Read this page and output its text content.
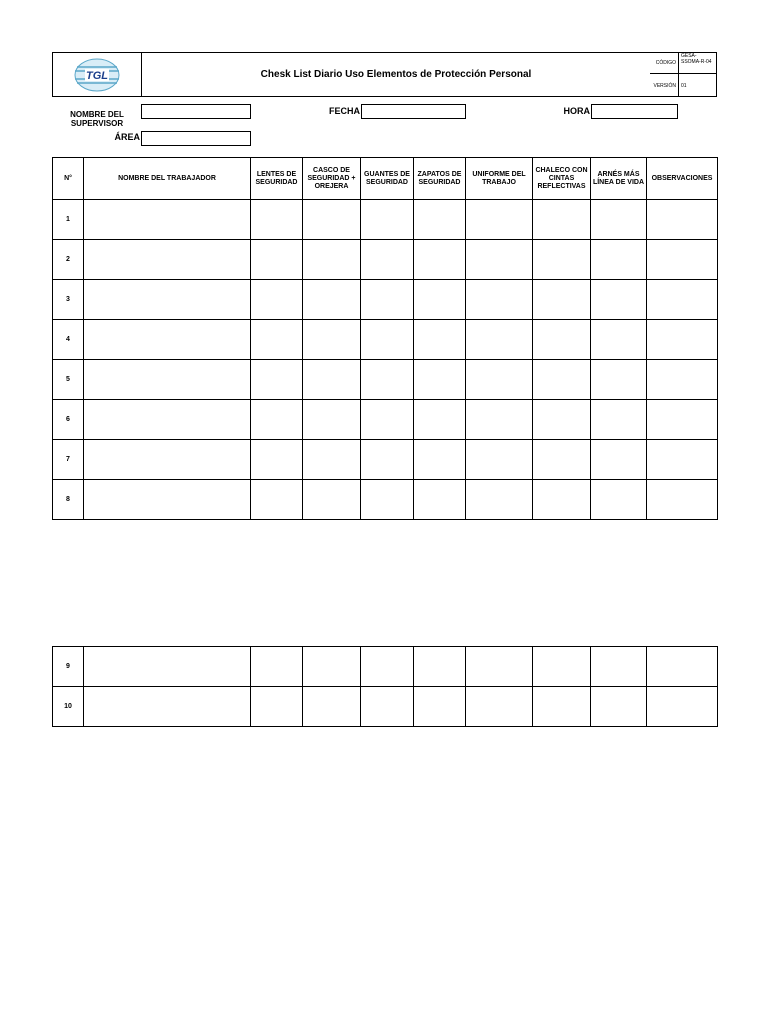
TGL	Chesk List Diario Uso Elementos de Protección Personal
CÓDIGO
GESA-SSOMA-R-04
VERSIÓN	01
NOMBRE DEL SUPERVISOR
ÁREA
FECHA	HORA
N°	NOMBRE DEL TRABAJADOR	LENTES DE SEGURIDAD	CASCO DE SEGURIDAD + OREJERA	GUANTES DE SEGURIDAD	ZAPATOS DE SEGURIDAD	UNIFORME DEL TRABAJO	CHALECO CON CINTAS REFLECTIVAS	ARNÉS MÁS LÍNEA DE VIDA	OBSERVACIONES
1									
2									
3									
4									
5									
6									
7									
8									
9									
10									
